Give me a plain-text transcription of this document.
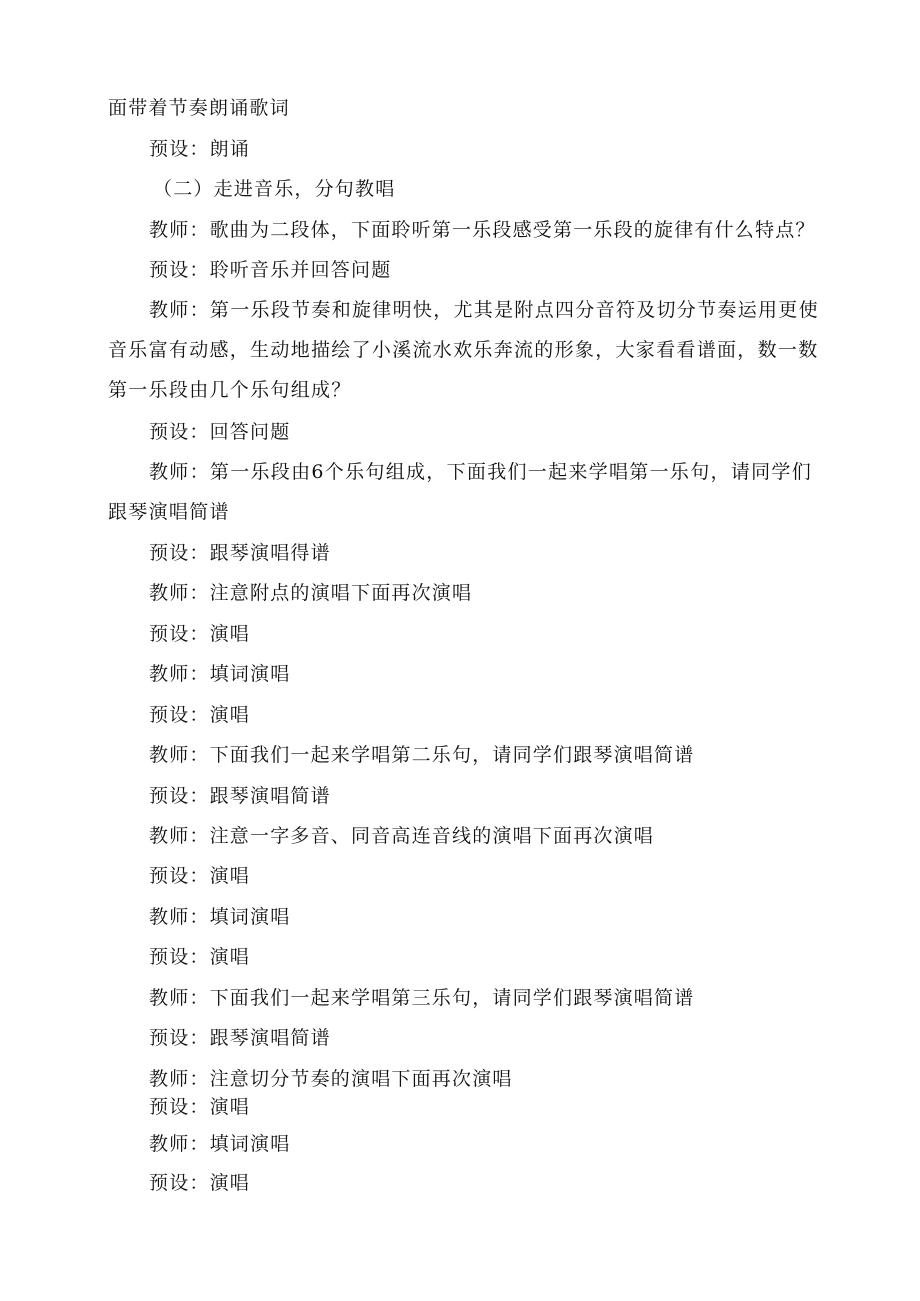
面带着节奏朗诵歌词
预设：朗诵
（二）走进音乐，分句教唱
教师：歌曲为二段体，下面聆听第一乐段感受第一乐段的旋律有什么特点？
预设：聆听音乐并回答问题
教师：第一乐段节奏和旋律明快，尤其是附点四分音符及切分节奏运用更使音乐富有动感，生动地描绘了小溪流水欢乐奔流的形象，大家看看谱面，数一数第一乐段由几个乐句组成？
预设：回答问题
教师：第一乐段由6个乐句组成，下面我们一起来学唱第一乐句，请同学们跟琴演唱简谱
预设：跟琴演唱得谱
教师：注意附点的演唱下面再次演唱
预设：演唱
教师：填词演唱
预设：演唱
教师：下面我们一起来学唱第二乐句，请同学们跟琴演唱简谱
预设：跟琴演唱简谱
教师：注意一字多音、同音高连音线的演唱下面再次演唱
预设：演唱
教师：填词演唱
预设：演唱
教师：下面我们一起来学唱第三乐句，请同学们跟琴演唱简谱
预设：跟琴演唱简谱
教师：注意切分节奏的演唱下面再次演唱
预设：演唱
教师：填词演唱
预设：演唱
